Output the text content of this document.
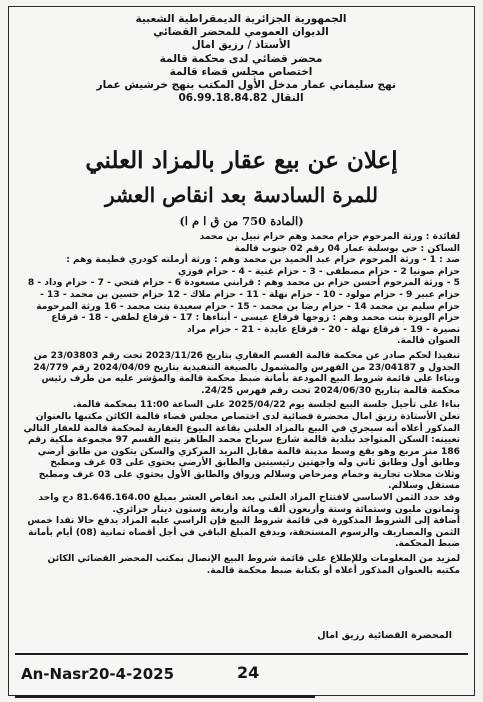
الجمهورية الجزائرية الديمقراطية الشعبية
الديوان العمومي للمحضر القضائي
الأستاذ / رزيق امال
محضر قضائي لدى محكمة قالمة
اختصاص مجلس قضاء قالمة
نهج سليماني عمار مدخل الأول المكتب بنهج خرشيش عمار
النقال 06.99.18.84.82
إعلان عن بيع عقار بالمزاد العلني
للمرة السادسة بعد انقاص العشر
(المادة 750 من ق ا م ا)

لفائدة : ورثة المرحوم حزام محمد وهم حزام نبيل بن محمد

الساكن : حي بوسلبة عمار 04 رقم 02 جنوب قالمة

ضد : 1 - ورثة المرحوم حزام عبد الحميد بن محمد وهم : ورثة أرملته كودري فطيمة وهم :

حزام صونيا 2 - حزام مصطفى - 3 - حزام غنية - 4 - حزام فوزي

5 - ورثة المرحوم أحسن حزام بن محمد وهم : قرابني مسعودة 6 - حزام فتحي - 7 - حزام وداد - 8 حزام عبير 9 - حزام مولود - 10 - حزام نهلة - 11 - حزام ملاك - 12 حزام حسين بن محمد - 13 - حزام سليم بن محمد 14 - حزام رضا بن محمد - 15 - حزام سعيدة بنت محمد - 16 ورثة المرحومة حزام الويزة بنت محمد وهم : زوجها قرقاع عيسى - أبناءها : 17 - قرقاع لطفي - 18 - قرقاع نصيرة - 19 - قرقاع نهلة - 20 - قرقاع عايدة - 21 - حزام مراد

العنوان قالمة.

تنفيذا لحكم صادر عن محكمة قالمة القسم العقاري بتاريخ 2023/11/26 تحت رقم 23/03803 من الجدول و 23/04187 من الفهرس والمشمول بالصيغة التنفيذية بتاريخ 2024/04/09 رقم 24/779 وبناءا على قائمة شروط البيع المودعة بأمانة ضبط محكمة قالمة والمؤشر عليه من طرف رئيس محكمة قالمة بتاريخ 2024/06/30 تحت رقم فهرس 24/25.

بناءا على تأجيل جلسة البيع لجلسة يوم 2025/04/22 على الساعة 11:00 بمحكمة قالمة.

تعلن الأستاذة رزيق امال محضرة قضائية لدى اختصاص مجلس قضاء قالمة الكائن مكتبها بالعنوان المذكور أعلاه أنه سيجري في البيع بالمزاد العلني بقاعة البيوع العقارية لمحكمة قالمة للعقار التالي تعيينه: السكن المتواجد ببلدية قالمة شارع سرباح محمد الطاهر يتبع القسم 97 مجموعة ملكية رقم 186 متر مربع وهو يقع وسط مدينة قالمة مقابل البريد المركزي والسكن يتكون من طابق أرضي وطابق أول وطابق ثاني وله واجهتين رئيسيتين والطابق الأرضي يحتوي على 03 غرف ومطبخ وثلاث محلات تجارية وحمام ومرحاض وسلالم ورواق والطابق الأول يحتوي على 03 غرف ومطبخ مستقل وسلالم.

وقد حدد الثمن الاساسي لافتتاح المزاد العلني بعد انقاص العشر بمبلغ 81.646.164.00 دج واحد وثمانون مليون وستمائة وستة وأربعون ألف ومائة وأربعة وستون دينار جزائري.

أضافة إلى الشروط المذكورة في قائمة شروط البيع فإن الراسي عليه المزاد يدفع حالا نقدا خمس الثمن والمصاريف والرسوم المستحقة، ويدفع المبلغ الباقي في أجل أقصاه ثمانية (08) أيام بأمانة ضبط المحكمة.

لمزيد من المعلومات وللإطلاع على قائمة شروط البيع الإتصال بمكتب المحضر القضائي الكائن مكتبه بالعنوان المذكور أعلاه أو بكتابة ضبط محكمة قالمة.

المحضرة القضائية رزيق امال
An-Nasr20-4-2025	24
